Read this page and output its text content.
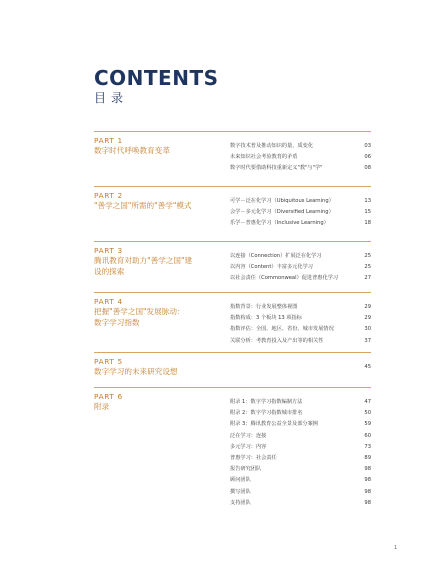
CONTENTS
目录
PART 1
数字时代呼唤教育变革	数字技术普及推动知识的量、质变化	03
未来知识社会考验教育的矛盾	06
数字时代要借助科技重新定义"教"与"学"	08
PART 2
"善学之国"所需的"善学"模式	可学－泛在化学习（Ubiquitous Learning）	13
会学－多元化学习（Diversified Learning）	15
乐学－普惠化学习（Inclusive Learning）	18
PART 3
腾讯教育对助力"善学之国"建
设的探索
以连接（Connection）扩展泛在化学习	25
以内容（Content）丰富多元化学习	25
以社会责任（Commonweal）促进普惠化学习	27
PART 4
把握"善学之国"发展脉动：
数字学习指数
指数背景：行业发展整体视图	29
指数构成：3 个板块 13 项指标	29
指数评估：全国、地区、省份、城市发展情况	30
关联分析：考教育投入及产出等的相关性	37
PART 5
数字学习的未来研究设想	45
PART 6
附录	附录 1：数字学习指数编制方法	47
附录 2：数字学习指数城市排名	50
附录 3：腾讯教育公益全景及部分案例	59
泛在学习：连接	60
多元学习：内容	73
普惠学习：社会责任	89
报告研究团队	98
顾问团队	98
撰写团队	98
支持团队	98
1
